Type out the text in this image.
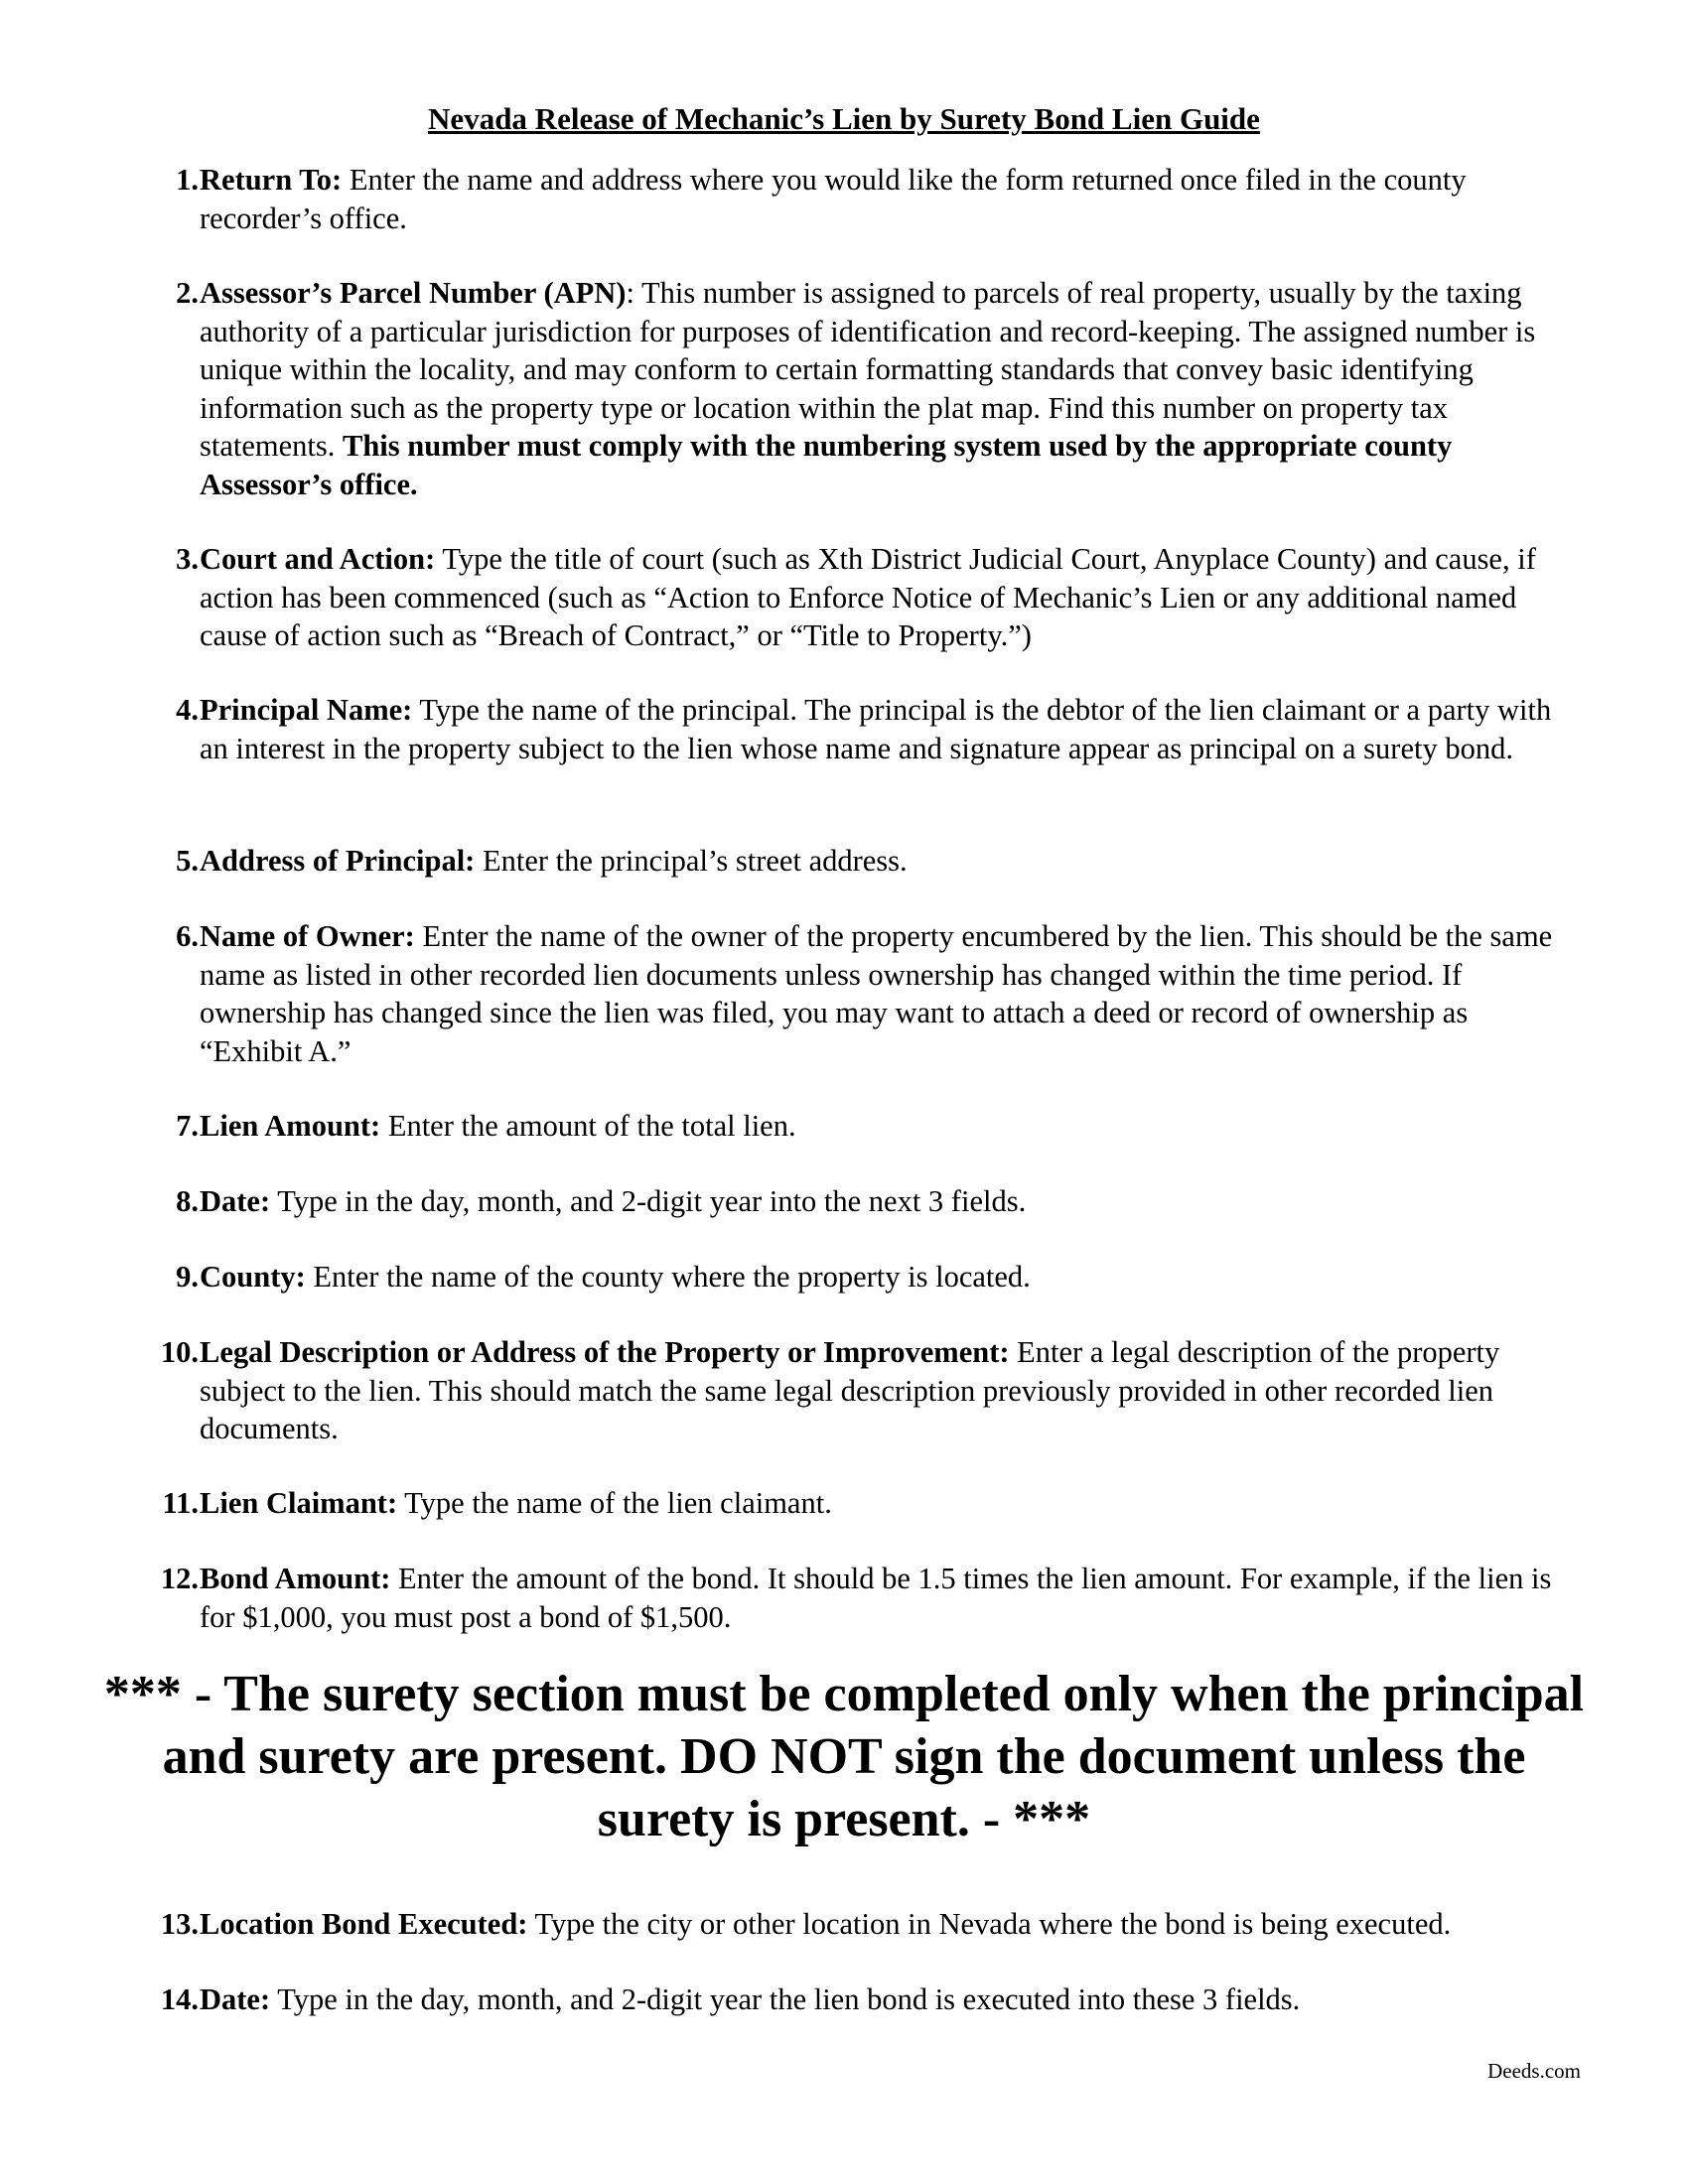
Nevada Release of Mechanic’s Lien by Surety Bond Lien Guide
1. Return To: Enter the name and address where you would like the form returned once filed in the county recorder’s office.
2. Assessor’s Parcel Number (APN): This number is assigned to parcels of real property, usually by the taxing authority of a particular jurisdiction for purposes of identification and record-keeping. The assigned number is unique within the locality, and may conform to certain formatting standards that convey basic identifying information such as the property type or location within the plat map. Find this number on property tax statements. This number must comply with the numbering system used by the appropriate county Assessor’s office.
3. Court and Action: Type the title of court (such as Xth District Judicial Court, Anyplace County) and cause, if action has been commenced (such as “Action to Enforce Notice of Mechanic’s Lien or any additional named cause of action such as “Breach of Contract,” or “Title to Property.”)
4. Principal Name: Type the name of the principal. The principal is the debtor of the lien claimant or a party with an interest in the property subject to the lien whose name and signature appear as principal on a surety bond.
5. Address of Principal: Enter the principal’s street address.
6. Name of Owner: Enter the name of the owner of the property encumbered by the lien. This should be the same name as listed in other recorded lien documents unless ownership has changed within the time period. If ownership has changed since the lien was filed, you may want to attach a deed or record of ownership as “Exhibit A.”
7. Lien Amount: Enter the amount of the total lien.
8. Date: Type in the day, month, and 2-digit year into the next 3 fields.
9. County: Enter the name of the county where the property is located.
10. Legal Description or Address of the Property or Improvement: Enter a legal description of the property subject to the lien. This should match the same legal description previously provided in other recorded lien documents.
11. Lien Claimant: Type the name of the lien claimant.
12. Bond Amount: Enter the amount of the bond. It should be 1.5 times the lien amount. For example, if the lien is for $1,000, you must post a bond of $1,500.
*** - The surety section must be completed only when the principal and surety are present. DO NOT sign the document unless the surety is present. - ***
13. Location Bond Executed: Type the city or other location in Nevada where the bond is being executed.
14. Date: Type in the day, month, and 2-digit year the lien bond is executed into these 3 fields.
Deeds.com
